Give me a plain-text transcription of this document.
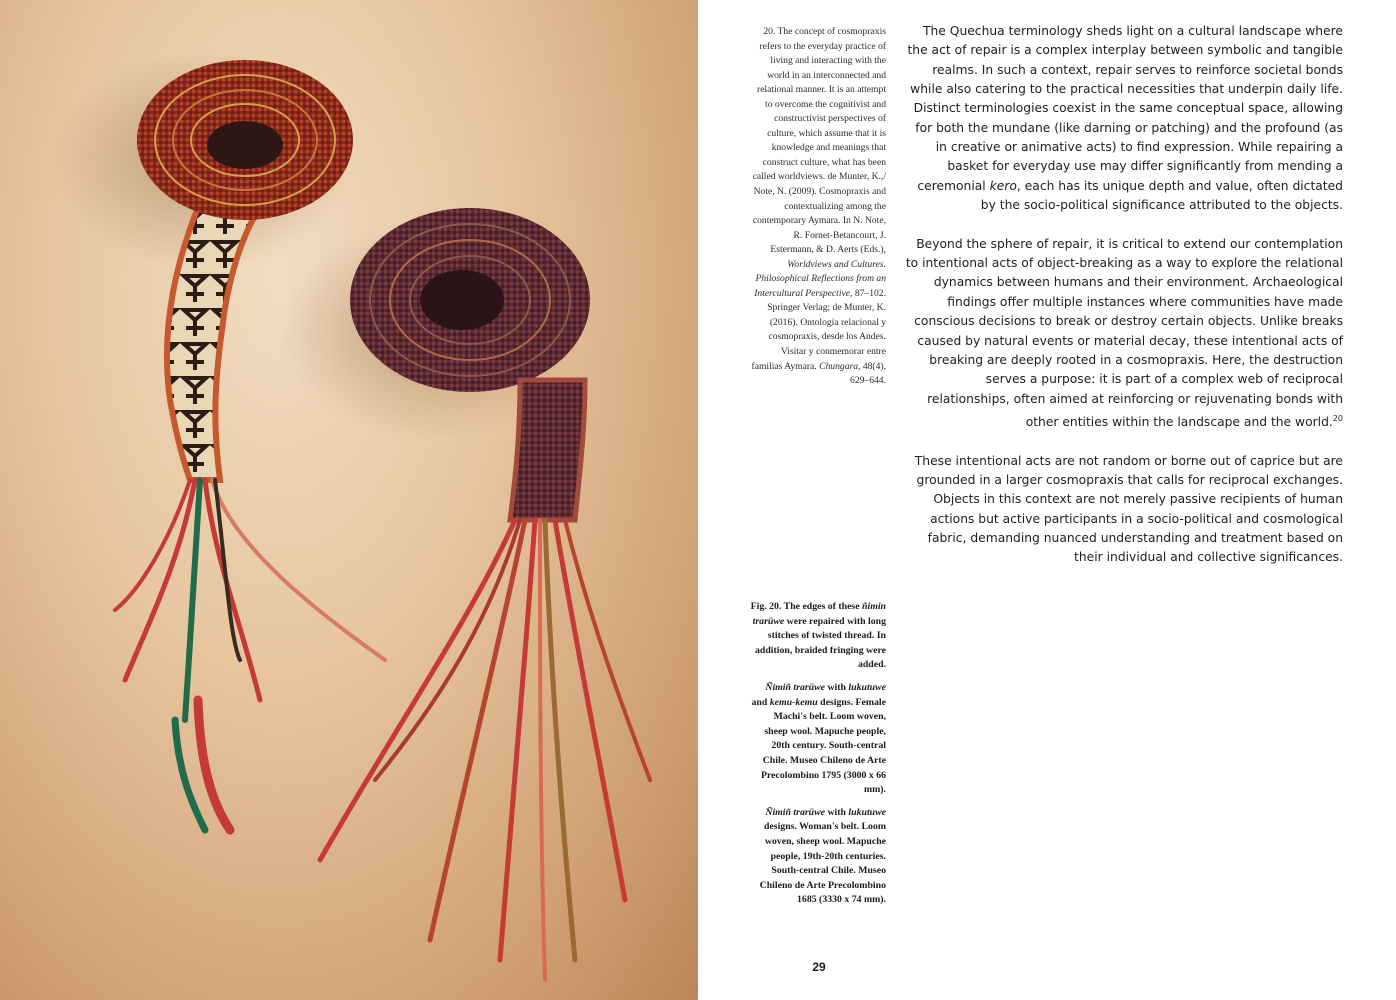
20. The concept of cosmopraxis refers to the everyday practice of living and interacting with the world in an interconnected and relational manner. It is an attempt to overcome the cognitivist and constructivist perspectives of culture, which assume that it is knowledge and meanings that construct culture, what has been called worldviews. de Munter, K.,/ Note, N. (2009). Cosmopraxis and contextualizing among the contemporary Aymara. In N. Note, R. Fornet-Betancourt, J. Estermann, & D. Aerts (Eds.), Worldviews and Cultures. Philosophical Reflections from an Intercultural Perspective, 87–102. Springer Verlag; de Munter, K. (2016). Ontología relacional y cosmopraxis, desde los Andes. Visitar y conmemorar entre familias Aymara. Chungara, 48(4), 629–644.

The Quechua terminology sheds light on a cultural landscape where the act of repair is a complex interplay between symbolic and tangible realms. In such a context, repair serves to reinforce societal bonds while also catering to the practical necessities that underpin daily life. Distinct terminologies coexist in the same conceptual space, allowing for both the mundane (like darning or patching) and the profound (as in creative or animative acts) to find expression. While repairing a basket for everyday use may differ significantly from mending a ceremonial kero, each has its unique depth and value, often dictated by the socio-political significance attributed to the objects.

Beyond the sphere of repair, it is critical to extend our contemplation to intentional acts of object-breaking as a way to explore the relational dynamics between humans and their environment. Archaeological findings offer multiple instances where communities have made conscious decisions to break or destroy certain objects. Unlike breaks caused by natural events or material decay, these intentional acts of breaking are deeply rooted in a cosmopraxis. Here, the destruction serves a purpose: it is part of a complex web of reciprocal relationships, often aimed at reinforcing or rejuvenating bonds with other entities within the landscape and the world.$^{20}$

These intentional acts are not random or borne out of caprice but are grounded in a larger cosmopraxis that calls for reciprocal exchanges. Objects in this context are not merely passive recipients of human actions but active participants in a socio-political and cosmological fabric, demanding nuanced understanding and treatment based on their individual and collective significances.

Fig. 20. The edges of these ñimin trarüwe were repaired with long stitches of twisted thread. In addition, braided fringing were added.

Ñimiñ trarüwe with lukutuwe and kemu-kemu designs. Female Machi's belt. Loom woven, sheep wool. Mapuche people, 20th century. South-central Chile. Museo Chileno de Arte Precolombino 1795 (3000 x 66 mm).

Ñimiñ trarüwe with lukutuwe designs. Woman's belt. Loom woven, sheep wool. Mapuche people, 19th-20th centuries. South-central Chile. Museo Chileno de Arte Precolombino 1685 (3330 x 74 mm).

29
